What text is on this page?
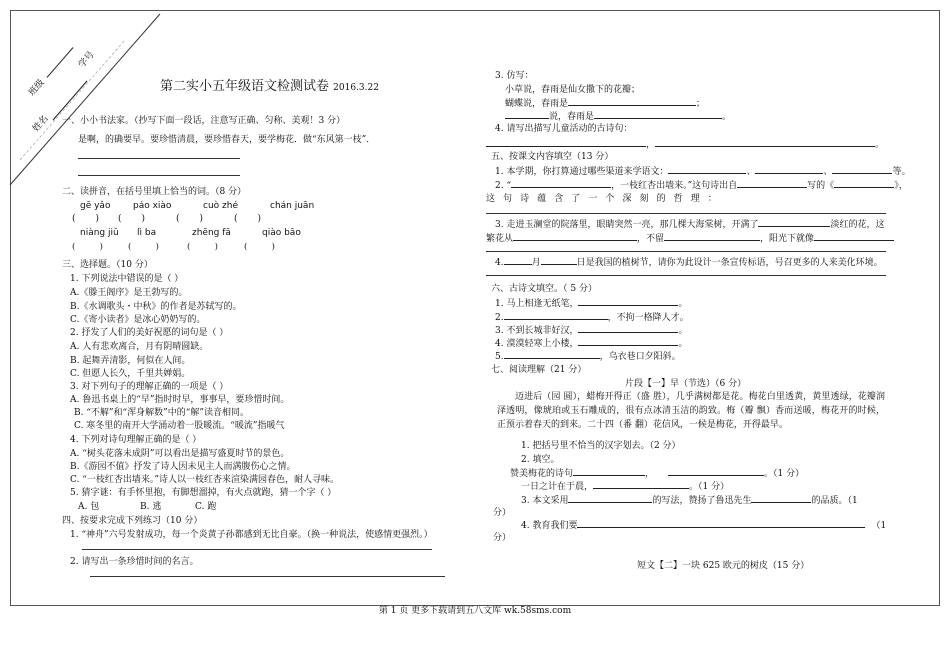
班级
学号
姓名
第二实小五年级语文检测试卷 2016.3.22
一、小小书法家。（抄写下面一段话，注意写正确、匀称、美观！3 分）
是啊，的确要早。要珍惜清晨，要珍惜春天，要学梅花．做“东风第一枝”．
二、读拼音，在括号里填上恰当的词。（8 分）
gē yǎo	páo xiào	cuò zhé	chán juān
(       ) (       )	(       )	(       )
niàng jiǔ lì ba	zhēng fā	qiào bāo
(         )	(         )	(         )	(         )
三、选择题。（10 分）
1. 下列说法中错误的是（ ）
A.《滕王阁序》是王勃写的。
B.《水调歌头・中秋》的作者是苏轼写的。
C.《寄小读者》是冰心奶奶写的。
2. 抒发了人们的美好祝愿的词句是（ ）
A. 人有悲欢离合，月有阴晴圆缺。
B. 起舞弄清影，何似在人间。
C. 但愿人长久，千里共婵娟。
3. 对下列句子的理解正确的一项是（ ）
A. 鲁迅书桌上的“早”指时时早，事事早，要珍惜时间。
B. “不解”和“浑身解数”中的“解”读音相同。
C. 寒冬里的南开大学涌动着一股暖流。“暖流”指暖气
4. 下列对诗句理解正确的是（ ）
A. “树头花落未成阴”可以看出是描写盛夏时节的景色。
B.《游园不值》抒发了诗人因未见主人而满腹伤心之情。
C. “一枝红杏出墙来。”诗人以一枝红杏来渲染满园春色，耐人寻味。
5. 猜字谜：有手怀里抱，有脚想溜掉，有火点就跑，猜一个字（ ）
A. 包	B. 逃	C. 跑
四、按要求完成下列练习（10 分）
1. “神舟”六号发射成功，每一个炎黄子孙都感到无比自豪。（换一种说法，使感情更强烈。）
2. 请写出一条珍惜时间的名言。
3. 仿写：
小草说，春雨是仙女撒下的花瓣；
蝴蝶说，春雨是	；
说，春雨是	。
4. 请写出描写儿童活动的古诗句：
，	。
五、按课文内容填空（13 分）
1. 本学期，你打算通过哪些渠道来学语文：	、	、	等。
2. “	，一枝红杏出墙来。”这句诗出自	写的《	》，
这 句 诗 蕴 含 了 一 个 深 刻 的 哲 理 ：
3. 走进玉澜堂的院落里，眼睛突然一亮，那几棵大海棠树，开满了	淡红的花，这
繁花从	，不留	，阳光下就像
4.	月	日是我国的植树节，请你为此设计一条宣传标语，号召更多的人来美化环境。
六、古诗文填空。（ 5 分）
1. 马上相逢无纸笔，	。
2.	，不拘一格降人才。
3. 不到长城非好汉，	。
4. 漠漠轻寒上小楼，	。
5.	，乌衣巷口夕阳斜。
七、阅读理解（21 分）
片段【一】早（节选）（6 分）
迈进后（园 圆），蜡梅开得正（盛 胜），几乎满树都是花。梅花白里透黄，黄里透绿，花瓣润泽透明，像琥珀或玉石雕成的，很有点冰清玉洁的韵致。梅（瓣 飘）香而送暖，梅花开的时候，正预示着春天的到来。二十四（番 翻）花信风，一候是梅花，开得最早。
1. 把括号里不恰当的汉字划去。（2 分）
2. 填空。
赞美梅花的诗句	，	。（1 分）
一日之计在于晨，	。（1 分）
3. 本文采用	的写法，赞扬了鲁迅先生	的品质。（1
分）
4. 教育我们要	（1
分）
短文【二】一块 625 欧元的树皮（15 分）
第 1 页 更多下载请到五八文库 wk.58sms.com
